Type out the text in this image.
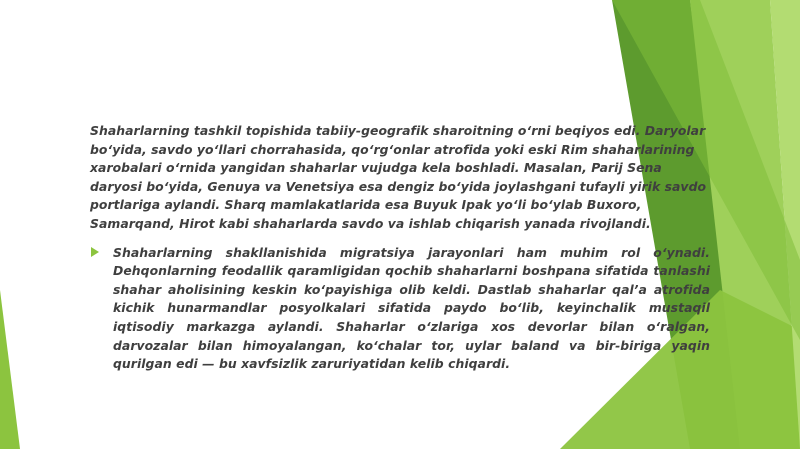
Shaharlarning tashkil topishida tabiiy-geografik sharoitning o‘rni beqiyos edi. Daryolar bo‘yida, savdo yo‘llari chorrahasida, qo‘rg‘onlar atrofida yoki eski Rim shaharlarining xarobalari o‘rnida yangidan shaharlar vujudga kela boshladi. Masalan, Parij Sena daryosi bo‘yida, Genuya va Venetsiya esa dengiz bo‘yida joylashgani tufayli yirik savdo portlariga aylandi. Sharq mamlakatlarida esa Buyuk Ipak yo‘li bo‘ylab Buxoro, Samarqand, Hirot kabi shaharlarda savdo va ishlab chiqarish yanada rivojlandi.

Shaharlarning shakllanishida migratsiya jarayonlari ham muhim rol o‘ynadi. Dehqonlarning feodallik qaramligidan qochib shaharlarni boshpana sifatida tanlashi shahar aholisining keskin ko‘payishiga olib keldi. Dastlab shaharlar qal’a atrofida kichik hunarmandlar posyolkalari sifatida paydo bo‘lib, keyinchalik mustaqil iqtisodiy markazga aylandi. Shaharlar o‘zlariga xos devorlar bilan o‘ralgan, darvozalar bilan himoyalangan, ko‘chalar tor, uylar baland va bir-biriga yaqin qurilgan edi — bu xavfsizlik zaruriyatidan kelib chiqardi.
